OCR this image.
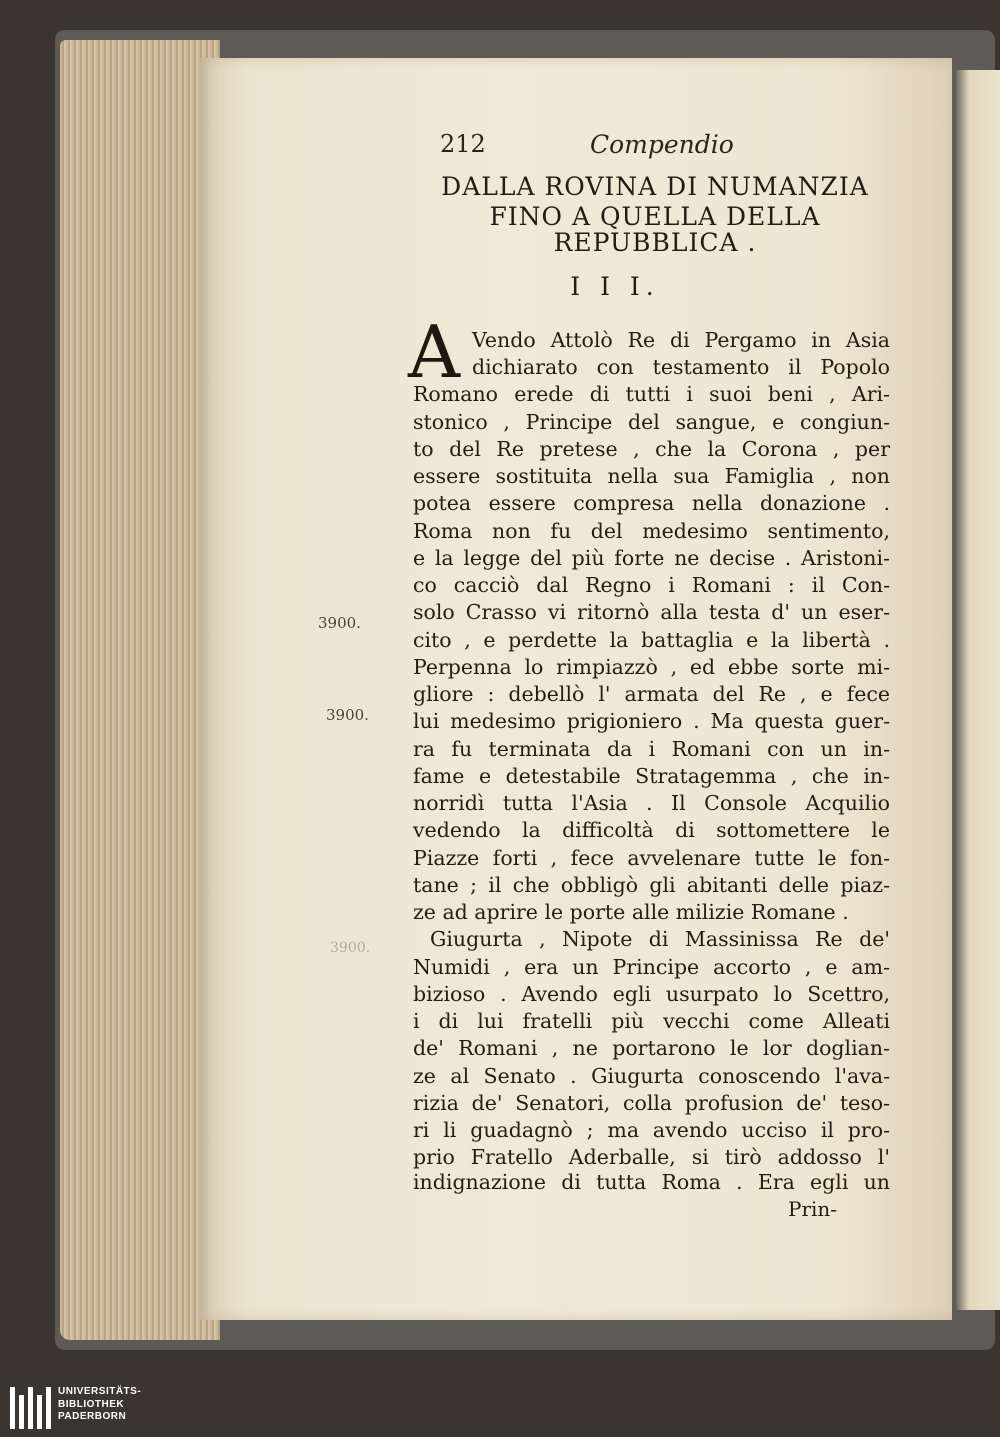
212	Compendio
DALLA ROVINA DI NUMANZIA
FINO A QUELLA DELLA
REPUBBLICA .
I I I.
A Vendo Attolò Re di Pergamo in Asia
dichiarato con testamento il Popolo
Romano erede di tutti i suoi beni , Ari-
stonico , Principe del sangue, e congiun-
to del Re pretese , che la Corona , per
essere sostituita nella sua Famiglia , non
potea essere compresa nella donazione .
Roma non fu del medesimo sentimento,
e la legge del più forte ne decise . Aristoni-
co cacciò dal Regno i Romani : il Con-
solo Crasso vi ritornò alla testa d' un eser-
cito , e perdette la battaglia e la libertà .
Perpenna lo rimpiazzò , ed ebbe sorte mi-
gliore : debellò l' armata del Re , e fece
lui medesimo prigioniero . Ma questa guer-
ra fu terminata da i Romani con un in-
fame e detestabile Stratagemma , che in-
norridì tutta l'Asia . Il Console Acquilio
vedendo la difficoltà di sottomettere le
Piazze forti , fece avvelenare tutte le fon-
tane ; il che obbligò gli abitanti delle piaz-
ze ad aprire le porte alle milizie Romane .
Giugurta , Nipote di Massinissa Re de'
Numidi , era un Principe accorto , e am-
bizioso . Avendo egli usurpato lo Scettro,
i di lui fratelli più vecchi come Alleati
de' Romani , ne portarono le lor doglian-
ze al Senato . Giugurta conoscendo l'ava-
rizia de' Senatori, colla profusion de' teso-
ri li guadagnò ; ma avendo ucciso il pro-
prio Fratello Aderballe, si tirò addosso l'
indignazione di tutta Roma . Era egli un
Prin-
3900.
3900.
3900.
UNIVERSITÄTS-
BIBLIOTHEK
PADERBORN
